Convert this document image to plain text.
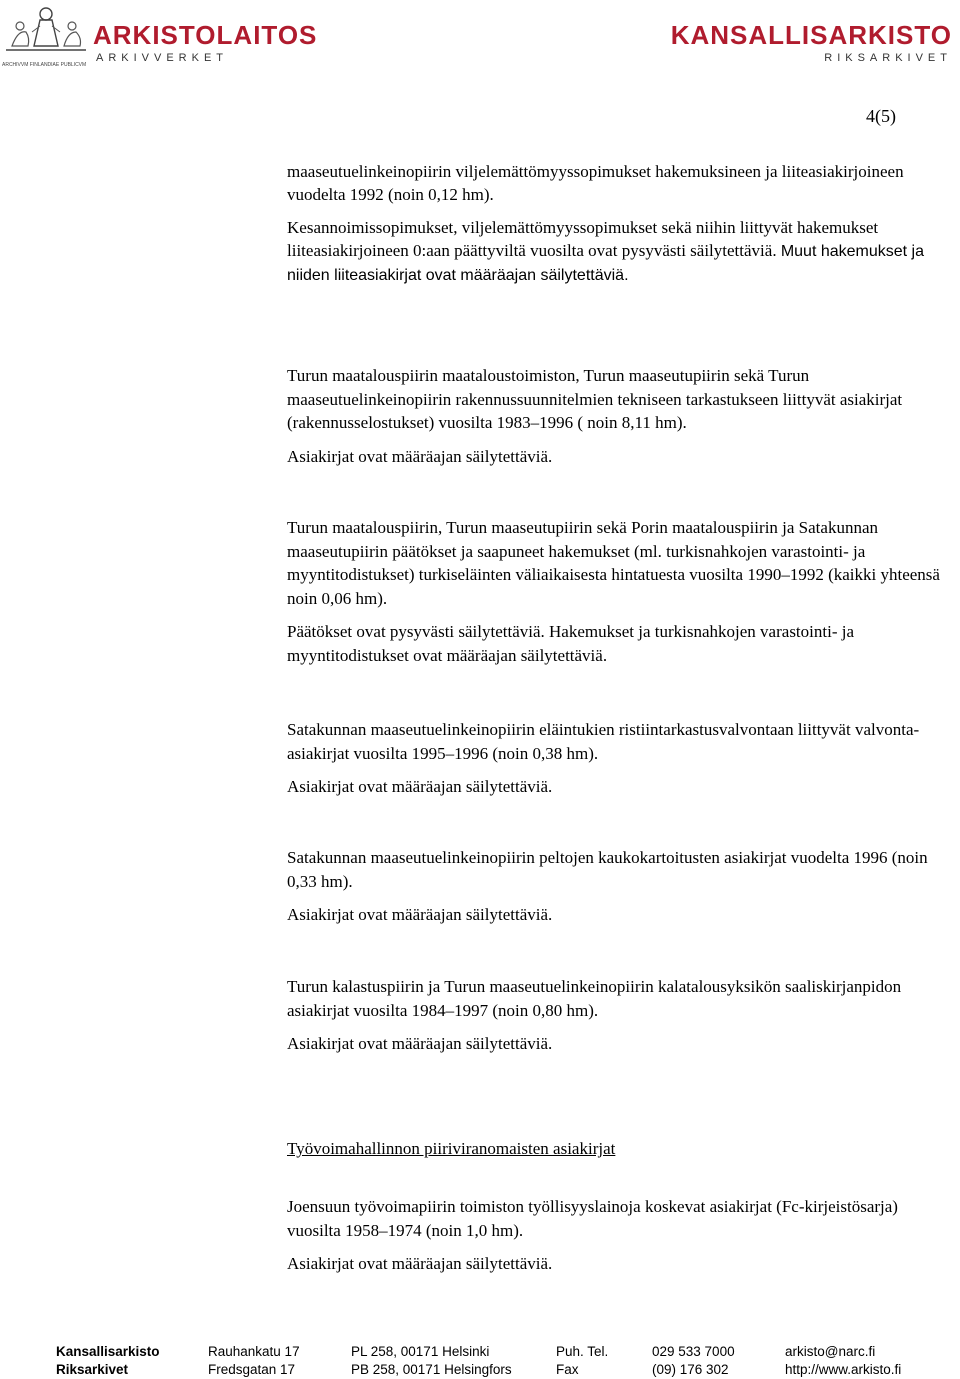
ARCHIVVM FINLANDIAE PUBLICVM
ARKISTOLAITOS
ARKIVVERKET
KANSALLISARKISTO
RIKSARKIVET
4(5)

maaseutuelinkeinopiirin viljelemättömyyssopimukset hakemuksineen ja liiteasiakirjoineen vuodelta 1992 (noin 0,12 hm).

Kesannoimissopimukset, viljelemättömyyssopimukset sekä niihin liittyvät hakemukset liiteasiakirjoineen 0:aan päättyviltä vuosilta ovat pysyvästi säilytettäviä. Muut hakemukset ja niiden liiteasiakirjat ovat määräajan säilytettäviä.

Turun maatalouspiirin maataloustoimiston, Turun maaseutupiirin sekä Turun maaseutuelinkeinopiirin rakennussuunnitelmien tekniseen tarkastukseen liittyvät asiakirjat (rakennusselostukset) vuosilta 1983–1996 ( noin 8,11 hm).

Asiakirjat ovat määräajan säilytettäviä.

Turun maatalouspiirin, Turun maaseutupiirin sekä Porin maatalouspiirin ja Satakunnan maaseutupiirin päätökset ja saapuneet hakemukset (ml. turkisnahkojen varastointi- ja myyntitodistukset) turkiseläinten väliaikaisesta hintatuesta vuosilta 1990–1992 (kaikki yhteensä noin 0,06 hm).

Päätökset ovat pysyvästi säilytettäviä. Hakemukset ja turkisnahkojen varastointi- ja myyntitodistukset ovat määräajan säilytettäviä.

Satakunnan maaseutuelinkeinopiirin eläintukien ristiintarkastusvalvontaan liittyvät valvonta-asiakirjat vuosilta 1995–1996 (noin 0,38 hm).

Asiakirjat ovat määräajan säilytettäviä.

Satakunnan maaseutuelinkeinopiirin peltojen kaukokartoitusten asiakirjat vuodelta 1996 (noin 0,33 hm).

Asiakirjat ovat määräajan säilytettäviä.

Turun kalastuspiirin ja Turun maaseutuelinkeinopiirin kalatalousyksikön saaliskirjanpidon asiakirjat vuosilta 1984–1997 (noin 0,80 hm).

Asiakirjat ovat määräajan säilytettäviä.

Työvoimahallinnon piiriviranomaisten asiakirjat

Joensuun työvoimapiirin toimiston työllisyyslainoja koskevat asiakirjat (Fc-kirjeistösarja) vuosilta 1958–1974 (noin 1,0 hm).

Asiakirjat ovat määräajan säilytettäviä.

Kansallisarkisto	Rauhankatu 17	PL 258, 00171 Helsinki	Puh. Tel.	029 533 7000	arkisto@narc.fi
Riksarkivet	Fredsgatan 17	PB 258, 00171 Helsingfors	Fax	(09) 176 302	http://www.arkisto.fi
